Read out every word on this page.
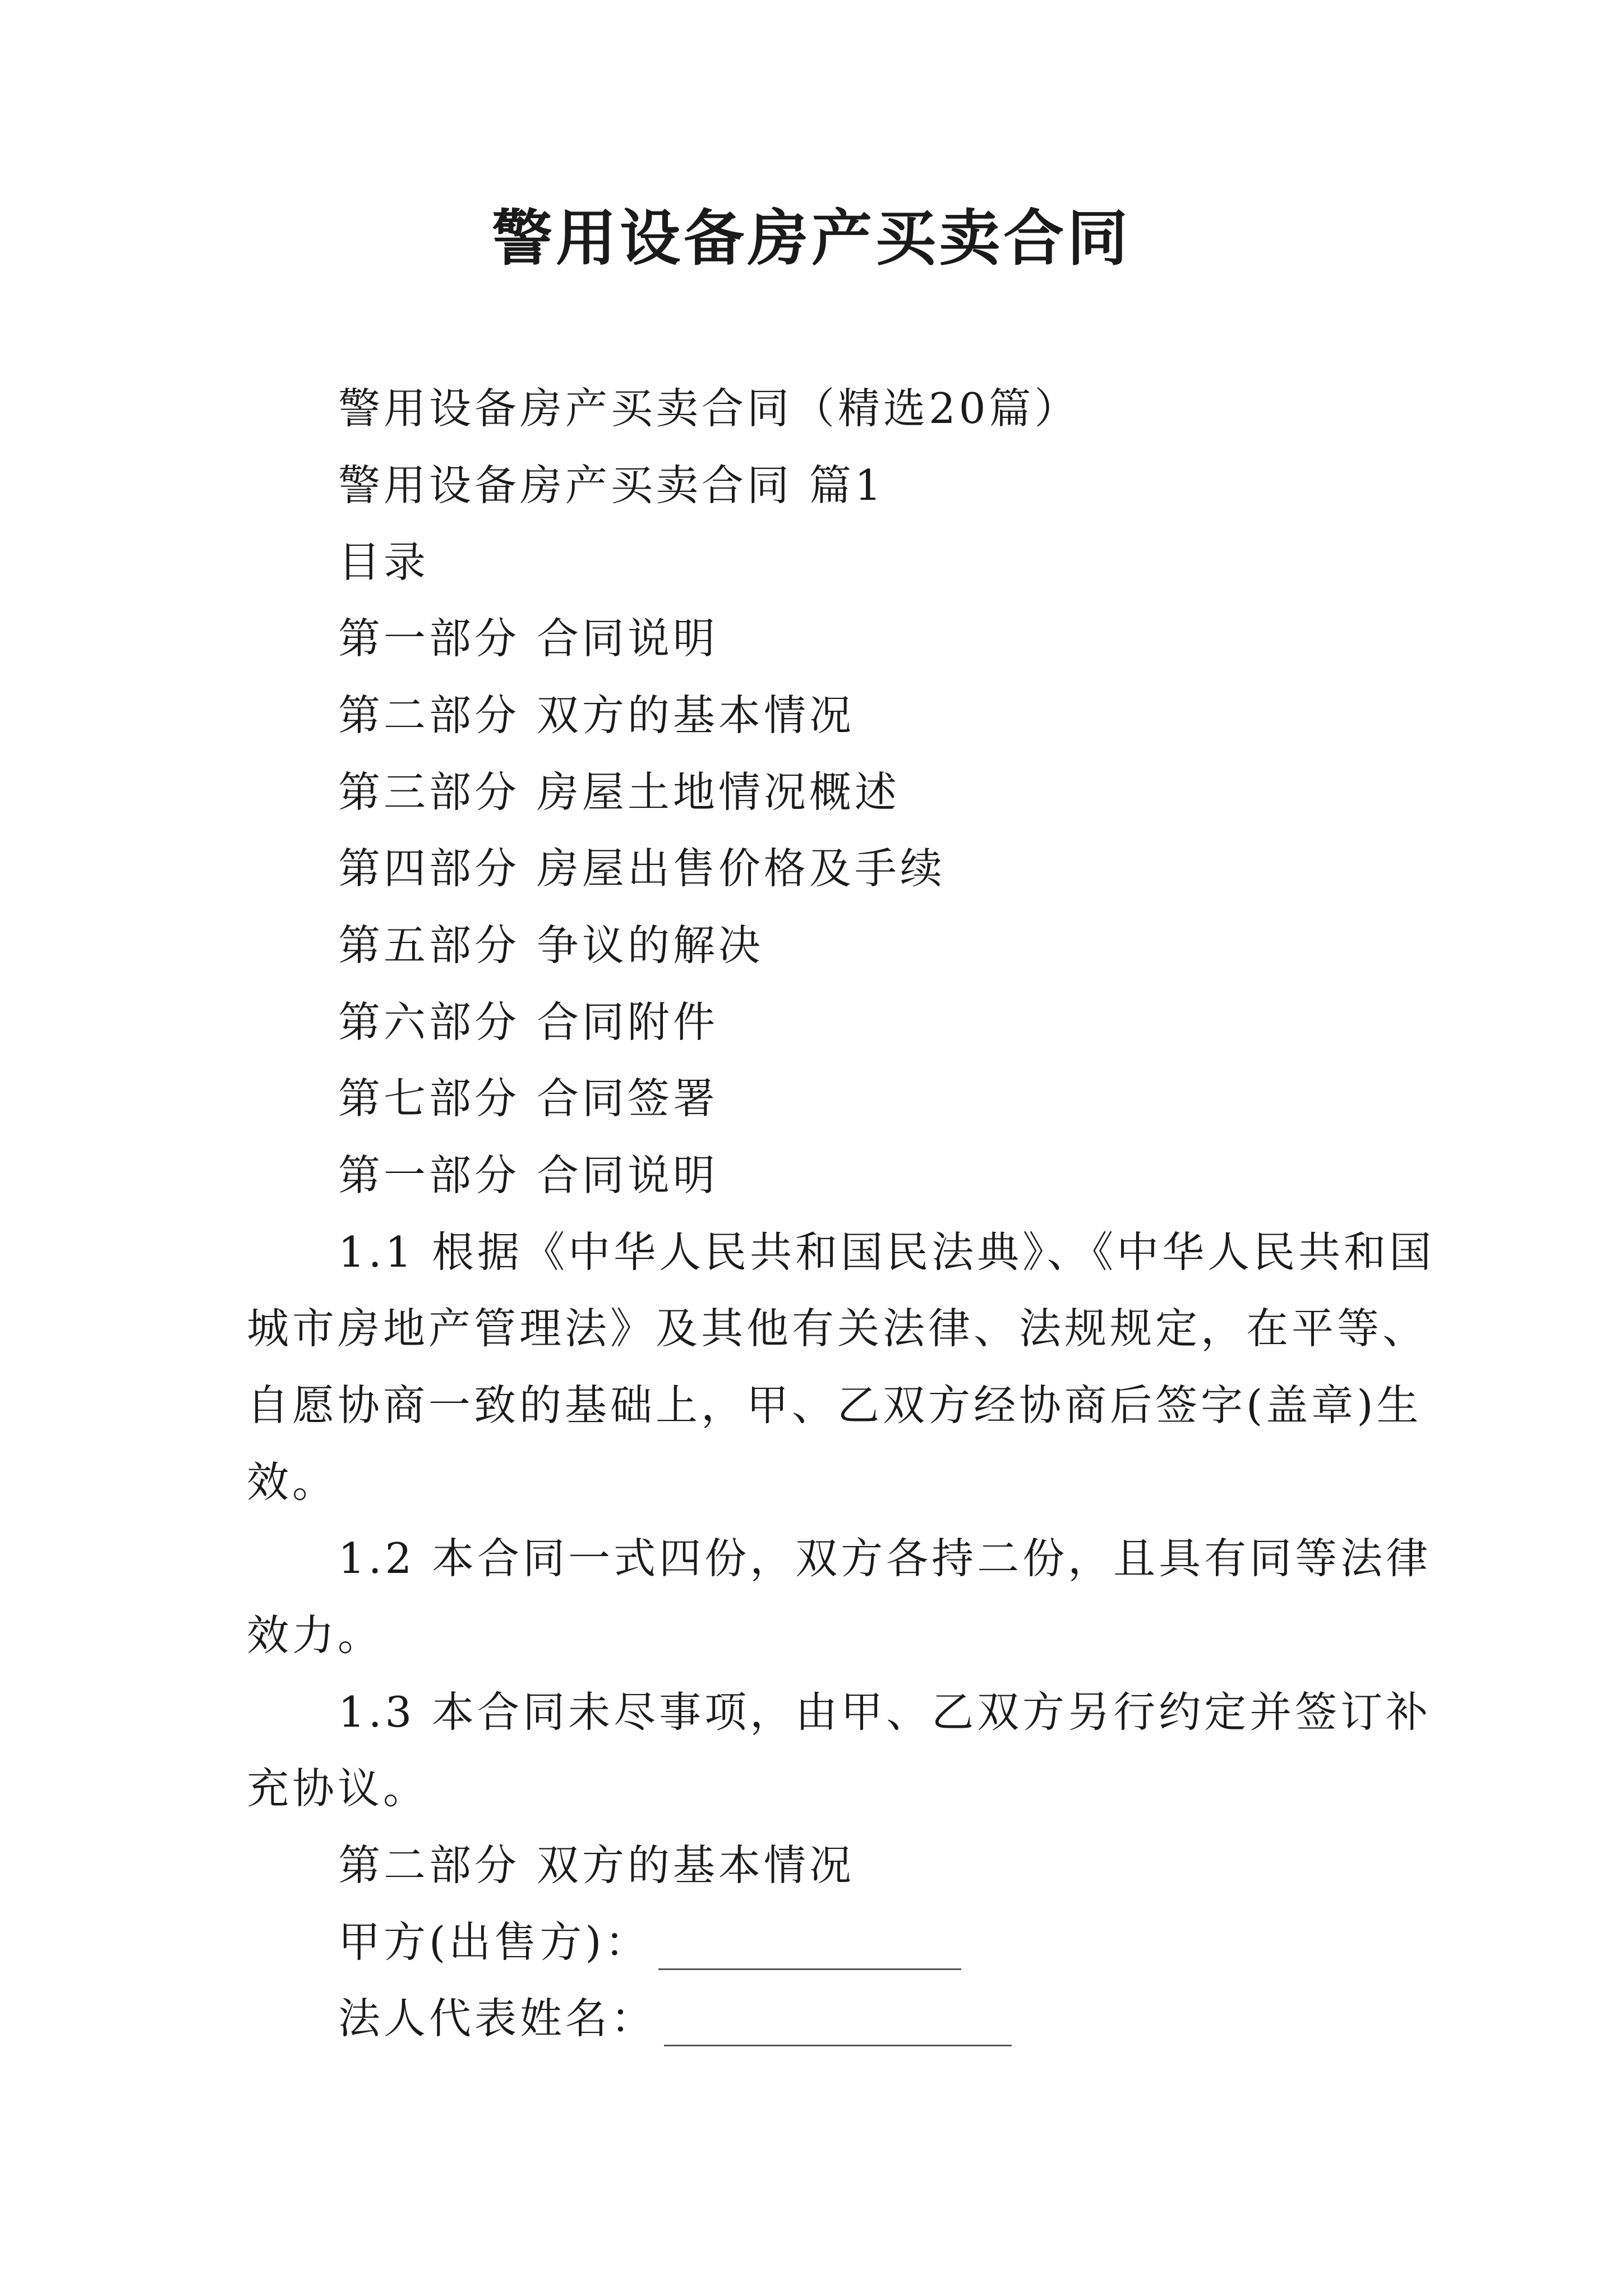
警用设备房产买卖合同

警用设备房产买卖合同（精选20篇）

警用设备房产买卖合同 篇1

目录

第一部分 合同说明

第二部分 双方的基本情况

第三部分 房屋土地情况概述

第四部分 房屋出售价格及手续

第五部分 争议的解决

第六部分 合同附件

第七部分 合同签署

第一部分 合同说明

1.1 根据《中华人民共和国民法典》、《中华人民共和国

城市房地产管理法》及其他有关法律、法规规定，在平等、

自愿协商一致的基础上，甲、乙双方经协商后签字(盖章)生

效。

1.2 本合同一式四份，双方各持二份，且具有同等法律

效力。

1.3 本合同未尽事项，由甲、乙双方另行约定并签订补

充协议。

第二部分 双方的基本情况

甲方(出售方)：

法人代表姓名：
